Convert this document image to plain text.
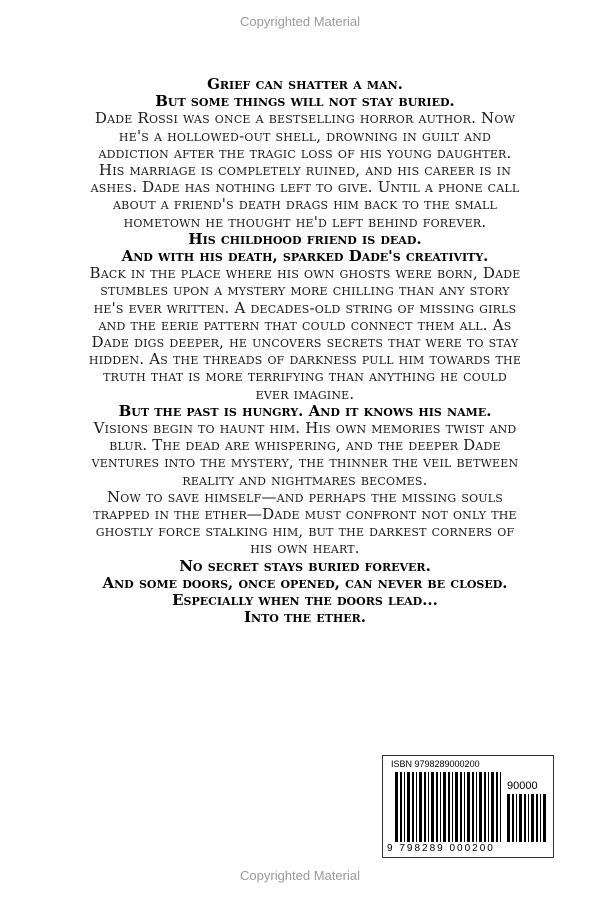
Copyrighted Material
Grief can shatter a man.
But some things will not stay buried.
Dade Rossi was once a bestselling horror author. Now
he's a hollowed-out shell, drowning in guilt and
addiction after the tragic loss of his young daughter.
His marriage is completely ruined, and his career is in
ashes. Dade has nothing left to give. Until a phone call
about a friend's death drags him back to the small
hometown he thought he'd left behind forever.
His childhood friend is dead.
And with his death, sparked Dade's creativity.
Back in the place where his own ghosts were born, Dade
stumbles upon a mystery more chilling than any story
he's ever written. A decades-old string of missing girls
and the eerie pattern that could connect them all. As
Dade digs deeper, he uncovers secrets that were to stay
hidden. As the threads of darkness pull him towards the
truth that is more terrifying than anything he could
ever imagine.
But the past is hungry. And it knows his name.
Visions begin to haunt him. His own memories twist and
blur. The dead are whispering, and the deeper Dade
ventures into the mystery, the thinner the veil between
reality and nightmares becomes.
Now to save himself—and perhaps the missing souls
trapped in the ether—Dade must confront not only the
ghostly force stalking him, but the darkest corners of
his own heart.
No secret stays buried forever.
And some doors, once opened, can never be closed.
Especially when the doors lead...
Into the ether.
ISBN 9798289000200
90000
9 798289 000200
Copyrighted Material
